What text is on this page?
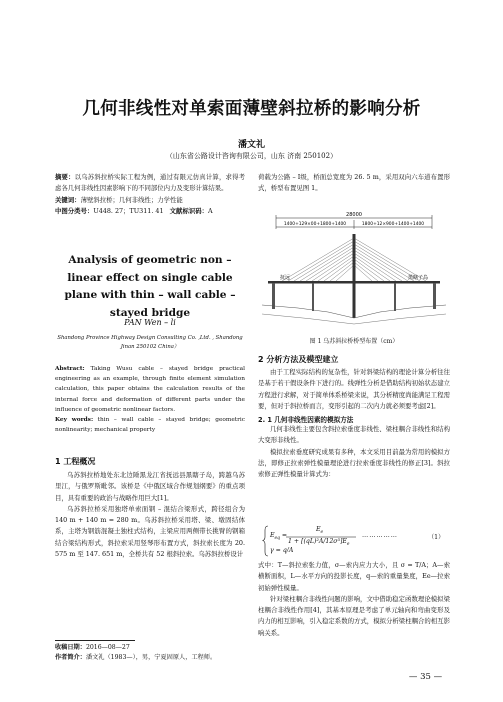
几何非线性对单索面薄壁斜拉桥的影响分析
潘文礼
（山东省公路设计咨询有限公司，山东 济南 250102）

摘要：以乌苏斜拉桥实际工程为例，通过有限元仿真计算，求得考虑各几何非线性因素影响下的不同部位内力及变形计算结果。

关键词：薄壁斜拉桥；几何非线性；力学性能

中图分类号：U448. 27；TU311. 41 文献标识码：A

Analysis of geometric non – linear effect on single cable plane with thin – wall cable – stayed bridge
PAN Wen – li
Shandong Province Highway Design Consulting Co. ,Ltd. , Shandong Jinan 250102 China）

Abstract: Taking Wusu cable – stayed bridge practical engineering as an example, through finite element simulation calculation, this paper obtains the calculation results of the internal force and deformation of different parts under the influence of geometric nonlinear factors.

Key words: thin – wall cable – stayed bridge; geometric nonlinearity; mechanical property

1 工程概况

乌苏斜拉桥地处东北边陲黑龙江省抚远县黑瞎子岛，跨越乌苏里江，与俄罗斯毗邻。该桥是《中俄区域合作规划纲要》的重点项目，具有重要的政治与战略作用巨大[1]。

乌苏斜拉桥采用独塔单索面钢 – 混结合梁形式，跨径组合为 140 m + 140 m = 280 m。乌苏斜拉桥采用塔、梁、墩固结体系，主塔为钢筋混凝土独柱式结构，主梁应用两侧带长挑臂的钢箱结合梁结构形式，斜拉索采用竖琴形布置方式，斜拉索长度为 20. 575 m 至 147. 651 m，全桥共有 52 根斜拉索。乌苏斜拉桥设计

收稿日期：2016—08—27
作者简介：潘文礼（1983—），男，宁夏固原人，工程师。

荷载为公路 – Ⅰ级，桥面总宽度为 26. 5 m，采用双向六车道布置形式，桥型布置见图 1。

28000
1400+129×00+1800+1400	1800+12×900+1400+1400
抚远	黑瞎子岛
图 1 乌苏斜拉桥桥型布置（cm）
2 分析方法及模型建立

由于工程实际结构的复杂性，针对斜梁结构的理论计算分析往往是基于若干假设条件下进行的。线弹性分析是借助结构初始状态建立方程进行求解，对于简单体系桥梁来说，其分析精度尚能满足工程需要，但对于斜拉桥而言，变形引起的二次内力就必须要考虑[2]。

2. 1 几何非线性因素的模拟方法

几何非线性主要包含斜拉索垂度非线性、梁柱耦合非线性和结构大变形非线性。

模拟拉索垂度研究成果有多种，本文采用目前最为常用的模拟方法，即修正拉索弹性模量理论进行拉索垂度非线性的修正[3]。斜拉索修正弹性模量计算式为：

$E_{eq}$ =
$E_e$
$1 + [(qL)^2A/12\sigma^3]E_e$
……………	（1）
γ = q/A

式中：T—斜拉索张力值，σ—索内应力大小，且 σ = T/A；A—索横断面积，L—水平方向的投影长度，q—索的重量集度，Ee—拉索初始弹性模量。

针对梁柱耦合非线性问题的影响，文中借助稳定函数理论模拟梁柱耦合非线性作用[4]，其基本原理是考虑了单元轴向和弯曲变形及内力的相互影响，引入稳定系数的方式，模拟分析梁柱耦合的相互影响关系。

— 35 —
